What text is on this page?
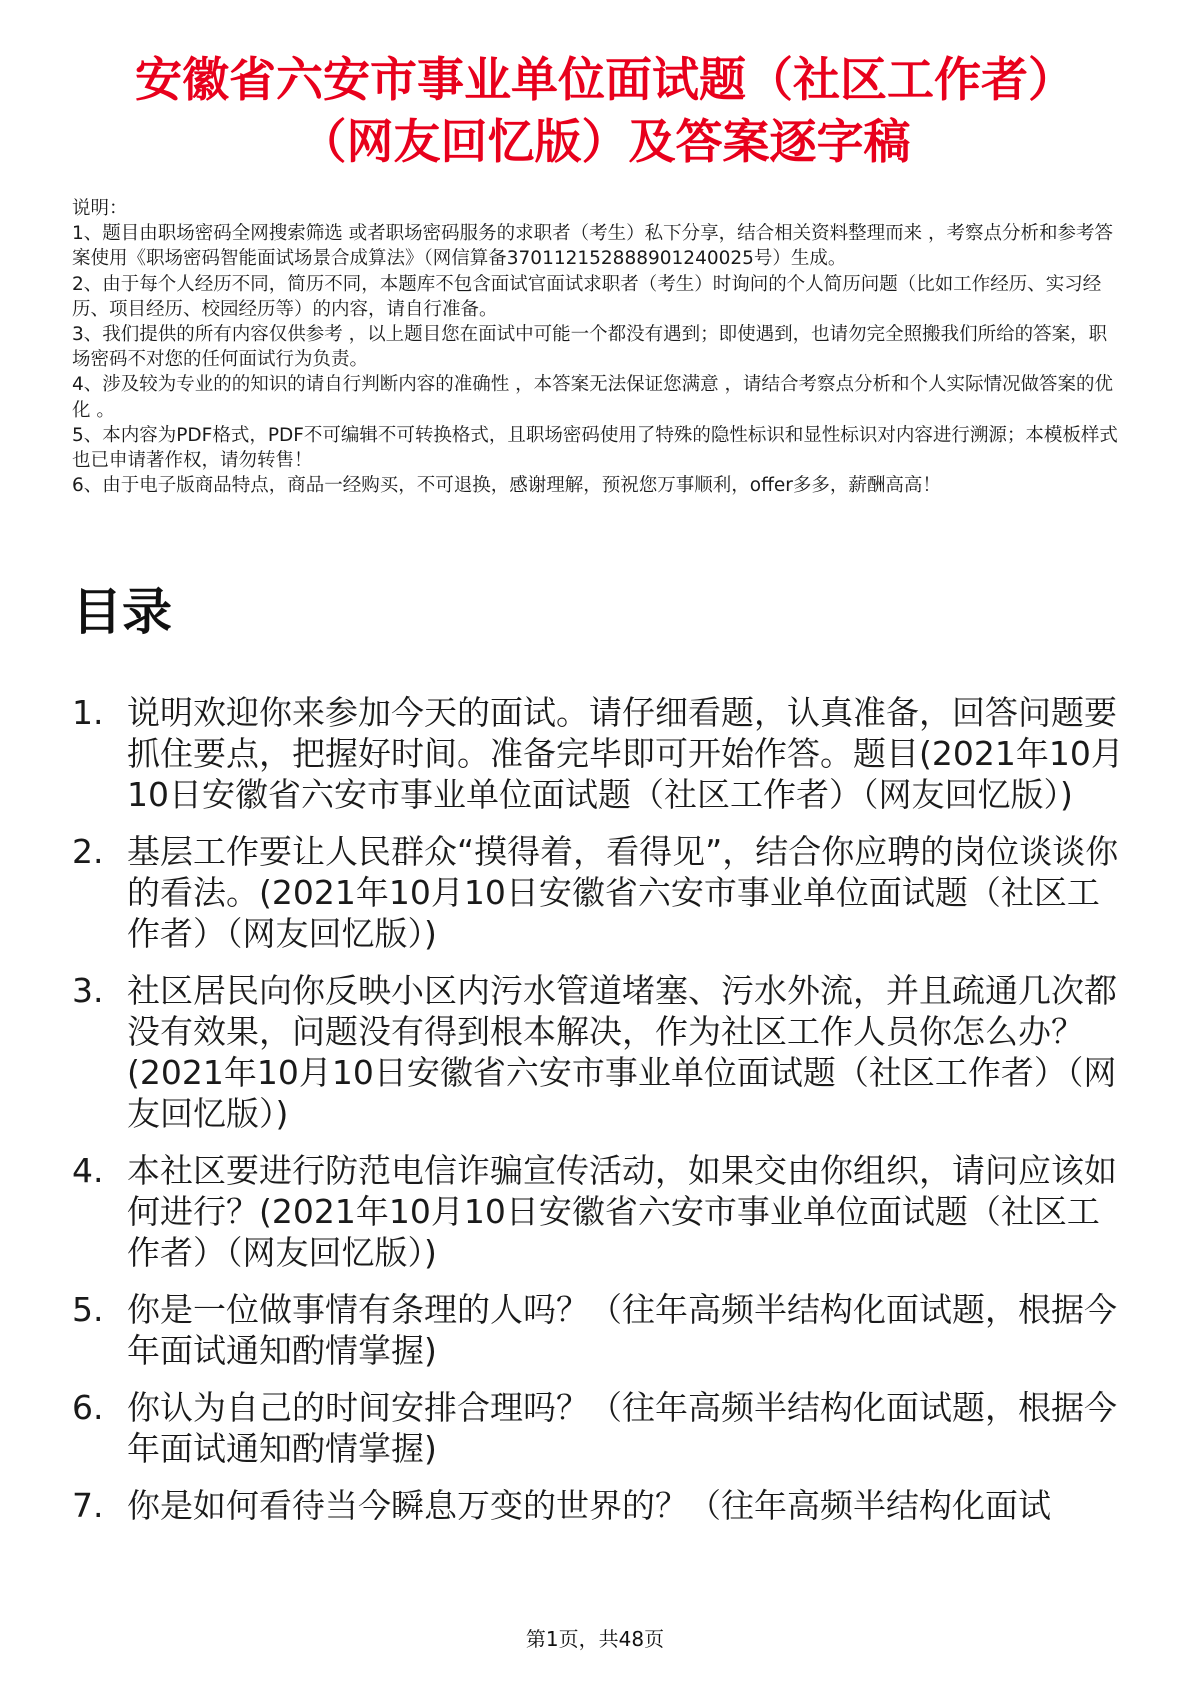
安徽省六安市事业单位面试题（社区工作者）
（网友回忆版）及答案逐字稿

说明：

1、题目由职场密码全网搜索筛选 或者职场密码服务的求职者（考生）私下分享，结合相关资料整理而来 ，考察点分析和参考答案使用《职场密码智能面试场景合成算法》（网信算备370112152888901240025号）生成。

2、由于每个人经历不同，简历不同，本题库不包含面试官面试求职者（考生）时询问的个人简历问题（比如工作经历、实习经历、项目经历、校园经历等）的内容，请自行准备。

3、我们提供的所有内容仅供参考 ，以上题目您在面试中可能一个都没有遇到；即使遇到，也请勿完全照搬我们所给的答案，职场密码不对您的任何面试行为负责。

4、涉及较为专业的的知识的请自行判断内容的准确性 ，本答案无法保证您满意 ，请结合考察点分析和个人实际情况做答案的优化 。

5、本内容为PDF格式，PDF不可编辑不可转换格式，且职场密码使用了特殊的隐性标识和显性标识对内容进行溯源；本模板样式也已申请著作权，请勿转售！

6、由于电子版商品特点，商品一经购买，不可退换，感谢理解，预祝您万事顺利，offer多多，薪酬高高！

目录
1. 说明欢迎你来参加今天的面试。请仔细看题，认真准备，回答问题要抓住要点，把握好时间。准备完毕即可开始作答。题目(2021年10月10日安徽省六安市事业单位面试题（社区工作者）（网友回忆版）)
2. 基层工作要让人民群众“摸得着，看得见”，结合你应聘的岗位谈谈你的看法。(2021年10月10日安徽省六安市事业单位面试题（社区工作者）（网友回忆版）)
3. 社区居民向你反映小区内污水管道堵塞、污水外流，并且疏通几次都没有效果，问题没有得到根本解决，作为社区工作人员你怎么办？(2021年10月10日安徽省六安市事业单位面试题（社区工作者）（网友回忆版）)
4. 本社区要进行防范电信诈骗宣传活动，如果交由你组织，请问应该如何进行？(2021年10月10日安徽省六安市事业单位面试题（社区工作者）（网友回忆版）)
5. 你是一位做事情有条理的人吗？（往年高频半结构化面试题，根据今年面试通知酌情掌握)
6. 你认为自己的时间安排合理吗？（往年高频半结构化面试题，根据今年面试通知酌情掌握)
7. 你是如何看待当今瞬息万变的世界的？（往年高频半结构化面试
第1页，共48页
